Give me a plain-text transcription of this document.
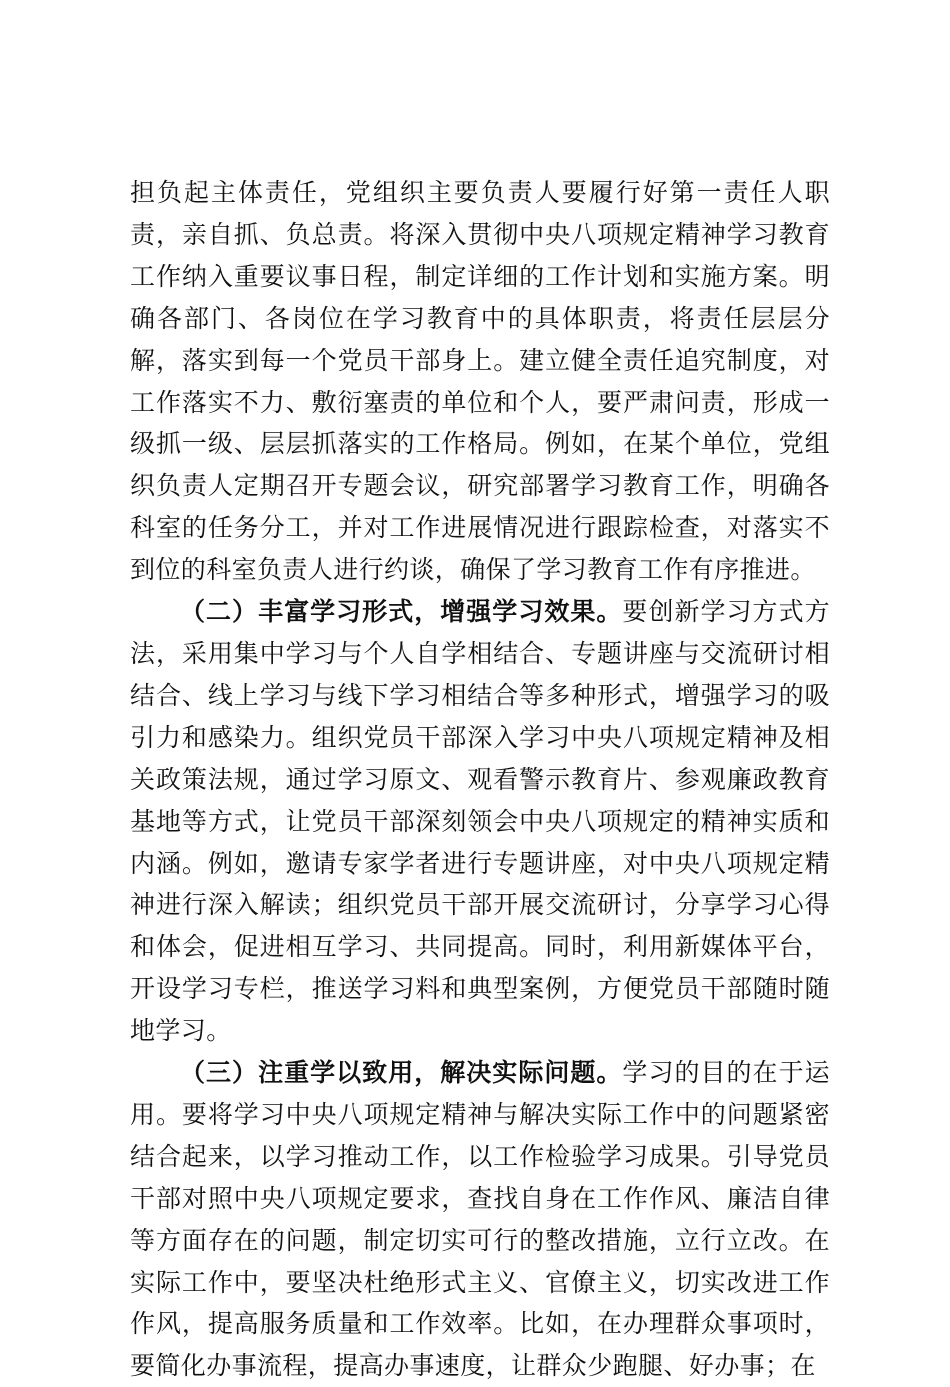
担负起主体责任，党组织主要负责人要履行好第一责任人职责，亲自抓、负总责。将深入贯彻中央八项规定精神学习教育工作纳入重要议事日程，制定详细的工作计划和实施方案。明确各部门、各岗位在学习教育中的具体职责，将责任层层分解，落实到每一个党员干部身上。建立健全责任追究制度，对工作落实不力、敷衍塞责的单位和个人，要严肃问责，形成一级抓一级、层层抓落实的工作格局。例如，在某个单位，党组织负责人定期召开专题会议，研究部署学习教育工作，明确各科室的任务分工，并对工作进展情况进行跟踪检查，对落实不到位的科室负责人进行约谈，确保了学习教育工作有序推进。

（二）丰富学习形式，增强学习效果。要创新学习方式方法，采用集中学习与个人自学相结合、专题讲座与交流研讨相结合、线上学习与线下学习相结合等多种形式，增强学习的吸引力和感染力。组织党员干部深入学习中央八项规定精神及相关政策法规，通过学习原文、观看警示教育片、参观廉政教育基地等方式，让党员干部深刻领会中央八项规定的精神实质和内涵。例如，邀请专家学者进行专题讲座，对中央八项规定精神进行深入解读；组织党员干部开展交流研讨，分享学习心得和体会，促进相互学习、共同提高。同时，利用新媒体平台，开设学习专栏，推送学习料和典型案例，方便党员干部随时随地学习。

（三）注重学以致用，解决实际问题。学习的目的在于运用。要将学习中央八项规定精神与解决实际工作中的问题紧密结合起来，以学习推动工作，以工作检验学习成果。引导党员干部对照中央八项规定要求，查找自身在工作作风、廉洁自律等方面存在的问题，制定切实可行的整改措施，立行立改。在实际工作中，要坚决杜绝形式主义、官僚主义，切实改进工作作风，提高服务质量和工作效率。比如，在办理群众事项时，要简化办事流程，提高办事速度，让群众少跑腿、好办事；在
